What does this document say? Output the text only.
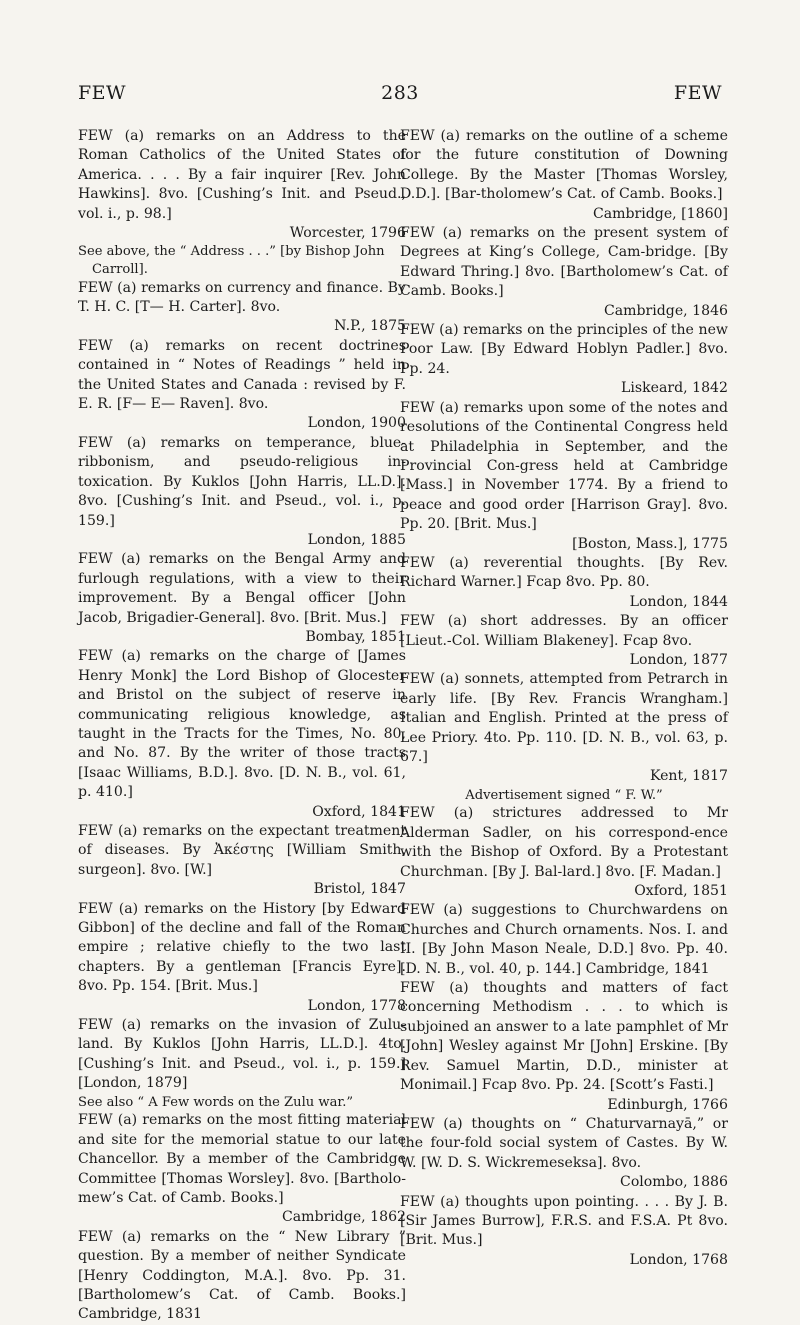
FEW	283	FEW
FEW (a) remarks on an Address to the Roman Catholics of the United States of America. . . . By a fair inquirer [Rev. John Hawkins]. 8vo. [Cushing’s Init. and Pseud., vol. i., p. 98.]
Worcester, 1796
See above, the “ Address . . .” [by Bishop John Carroll].
FEW (a) remarks on currency and finance. By T. H. C. [T— H. Carter]. 8vo.
N.P., 1875
FEW (a) remarks on recent doctrines contained in “ Notes of Readings ” held in the United States and Canada : revised by F. E. R. [F— E— Raven]. 8vo.
London, 1900
FEW (a) remarks on temperance, blue-ribbonism, and pseudo-religious in-toxication. By Kuklos [John Harris, LL.D.]. 8vo. [Cushing’s Init. and Pseud., vol. i., p. 159.]
London, 1885
FEW (a) remarks on the Bengal Army and furlough regulations, with a view to their improvement. By a Bengal officer [John Jacob, Brigadier-General]. 8vo. [Brit. Mus.]
Bombay, 1851
FEW (a) remarks on the charge of [James Henry Monk] the Lord Bishop of Glocester and Bristol on the subject of reserve in communicating religious knowledge, as taught in the Tracts for the Times, No. 80, and No. 87. By the writer of those tracts [Isaac Williams, B.D.]. 8vo. [D. N. B., vol. 61, p. 410.]
Oxford, 1841
FEW (a) remarks on the expectant treatment of diseases. By Ἀκέστης [William Smith, surgeon]. 8vo. [W.]
Bristol, 1847
FEW (a) remarks on the History [by Edward Gibbon] of the decline and fall of the Roman empire ; relative chiefly to the two last chapters. By a gentleman [Francis Eyre]. 8vo. Pp. 154. [Brit. Mus.]
London, 1778
FEW (a) remarks on the invasion of Zulu-land. By Kuklos [John Harris, LL.D.]. 4to. [Cushing’s Init. and Pseud., vol. i., p. 159.] [London, 1879]
See also “ A Few words on the Zulu war.”
FEW (a) remarks on the most fitting material and site for the memorial statue to our late Chancellor. By a member of the Cambridge Committee [Thomas Worsley]. 8vo. [Bartholo-mew’s Cat. of Camb. Books.]
Cambridge, 1862
FEW (a) remarks on the “ New Library ” question. By a member of neither Syndicate [Henry Coddington, M.A.]. 8vo. Pp. 31. [Bartholomew’s Cat. of Camb. Books.] Cambridge, 1831
FEW (a) remarks on the outline of a scheme for the future constitution of Downing College. By the Master [Thomas Worsley, D.D.]. [Bar-tholomew’s Cat. of Camb. Books.]
Cambridge, [1860]
FEW (a) remarks on the present system of Degrees at King’s College, Cam-bridge. [By Edward Thring.] 8vo. [Bartholomew’s Cat. of Camb. Books.]
Cambridge, 1846
FEW (a) remarks on the principles of the new Poor Law. [By Edward Hoblyn Padler.] 8vo. Pp. 24.
Liskeard, 1842
FEW (a) remarks upon some of the notes and resolutions of the Continental Congress held at Philadelphia in September, and the Provincial Con-gress held at Cambridge [Mass.] in November 1774. By a friend to peace and good order [Harrison Gray]. 8vo. Pp. 20. [Brit. Mus.]
[Boston, Mass.], 1775
FEW (a) reverential thoughts. [By Rev. Richard Warner.] Fcap 8vo. Pp. 80.
London, 1844
FEW (a) short addresses. By an officer [Lieut.-Col. William Blakeney]. Fcap 8vo.
London, 1877
FEW (a) sonnets, attempted from Petrarch in early life. [By Rev. Francis Wrangham.] Italian and English. Printed at the press of Lee Priory. 4to. Pp. 110. [D. N. B., vol. 63, p. 67.]
Kent, 1817
Advertisement signed “ F. W.”
FEW (a) strictures addressed to Mr Alderman Sadler, on his correspond-ence with the Bishop of Oxford. By a Protestant Churchman. [By J. Bal-lard.] 8vo. [F. Madan.]
Oxford, 1851
FEW (a) suggestions to Churchwardens on Churches and Church ornaments. Nos. I. and II. [By John Mason Neale, D.D.] 8vo. Pp. 40. [D. N. B., vol. 40, p. 144.] Cambridge, 1841
FEW (a) thoughts and matters of fact concerning Methodism . . . to which is subjoined an answer to a late pamphlet of Mr [John] Wesley against Mr [John] Erskine. [By Rev. Samuel Martin, D.D., minister at Monimail.] Fcap 8vo. Pp. 24. [Scott’s Fasti.]
Edinburgh, 1766
FEW (a) thoughts on “ Chaturvarnayā,” or the four-fold social system of Castes. By W. W. [W. D. S. Wickremeseksa]. 8vo.
Colombo, 1886
FEW (a) thoughts upon pointing. . . . By J. B. [Sir James Burrow], F.R.S. and F.S.A. Pt 8vo. [Brit. Mus.]
London, 1768
